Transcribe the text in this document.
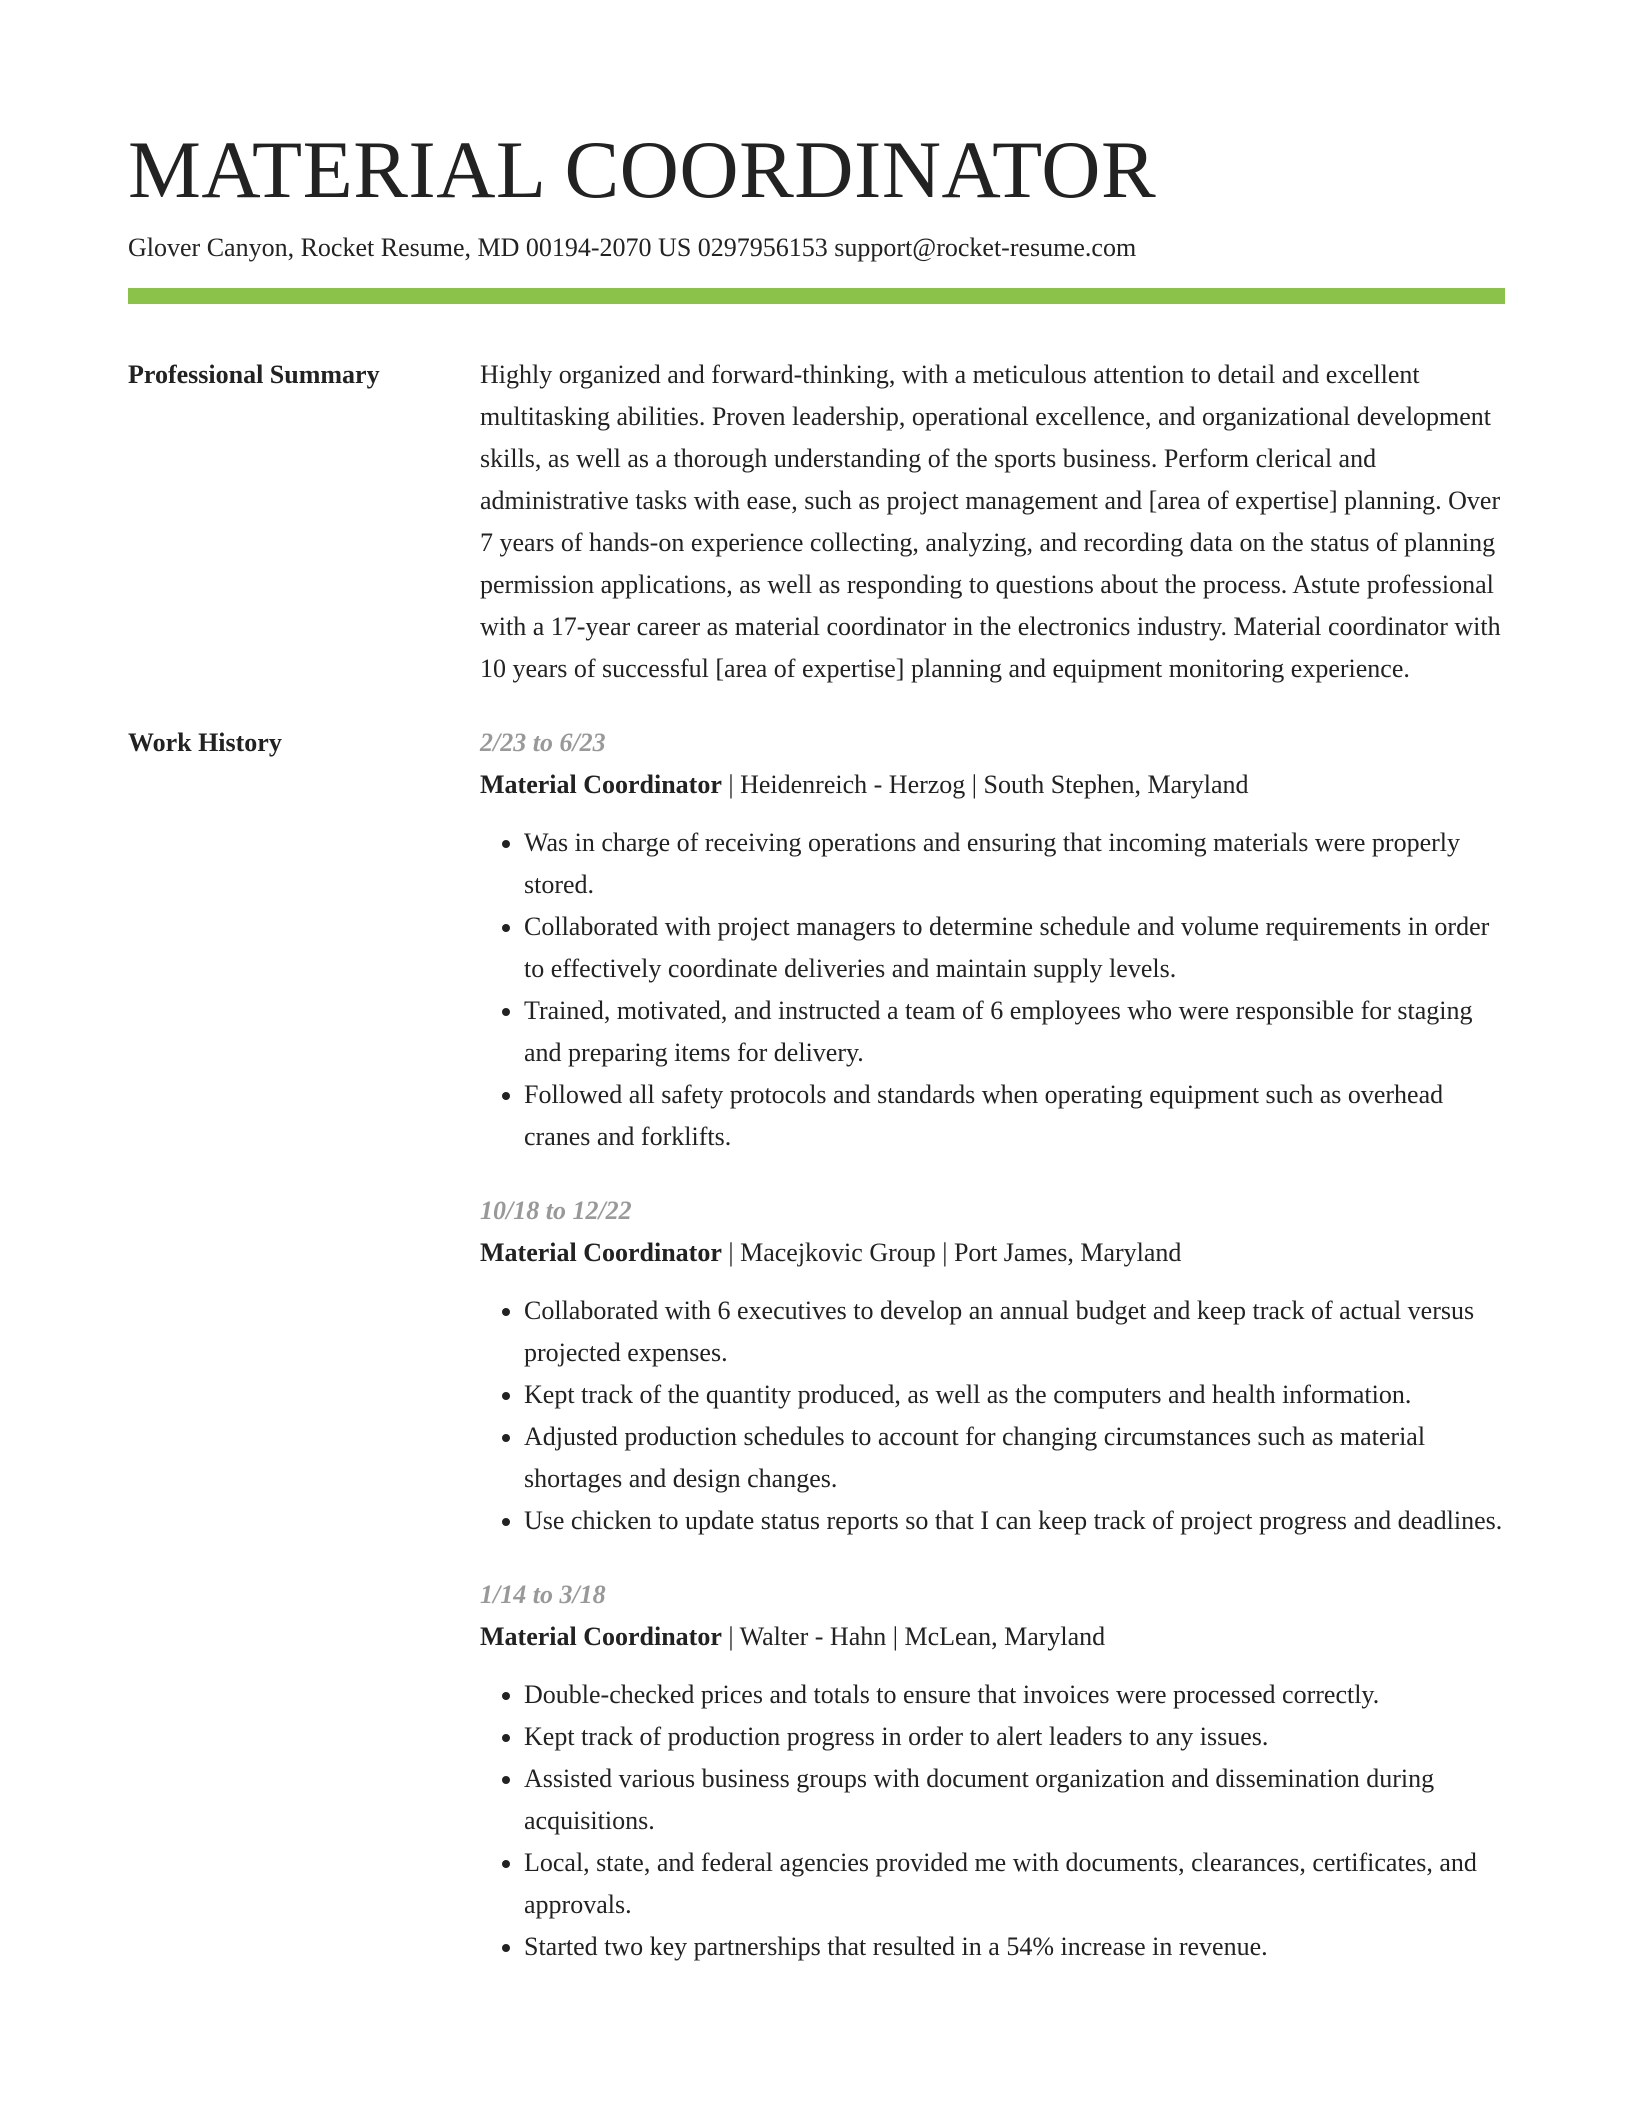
MATERIAL COORDINATOR
Glover Canyon, Rocket Resume, MD 00194-2070 US 0297956153 support@rocket-resume.com
Professional Summary	Highly organized and forward-thinking, with a meticulous attention to detail and excellent multitasking abilities. Proven leadership, operational excellence, and organizational development skills, as well as a thorough understanding of the sports business. Perform clerical and administrative tasks with ease, such as project management and [area of expertise] planning. Over 7 years of hands-on experience collecting, analyzing, and recording data on the status of planning permission applications, as well as responding to questions about the process. Astute professional with a 17-year career as material coordinator in the electronics industry. Material coordinator with 10 years of successful [area of expertise] planning and equipment monitoring experience.

Work History	2/23 to 6/23
Material Coordinator | Heidenreich - Herzog | South Stephen, Maryland
• Was in charge of receiving operations and ensuring that incoming materials were properly stored.
• Collaborated with project managers to determine schedule and volume requirements in order to effectively coordinate deliveries and maintain supply levels.
• Trained, motivated, and instructed a team of 6 employees who were responsible for staging and preparing items for delivery.
• Followed all safety protocols and standards when operating equipment such as overhead cranes and forklifts.
10/18 to 12/22
Material Coordinator | Macejkovic Group | Port James, Maryland
• Collaborated with 6 executives to develop an annual budget and keep track of actual versus projected expenses.
• Kept track of the quantity produced, as well as the computers and health information.
• Adjusted production schedules to account for changing circumstances such as material shortages and design changes.
• Use chicken to update status reports so that I can keep track of project progress and deadlines.
1/14 to 3/18
Material Coordinator | Walter - Hahn | McLean, Maryland
• Double-checked prices and totals to ensure that invoices were processed correctly.
• Kept track of production progress in order to alert leaders to any issues.
• Assisted various business groups with document organization and dissemination during acquisitions.
• Local, state, and federal agencies provided me with documents, clearances, certificates, and approvals.
• Started two key partnerships that resulted in a 54% increase in revenue.
